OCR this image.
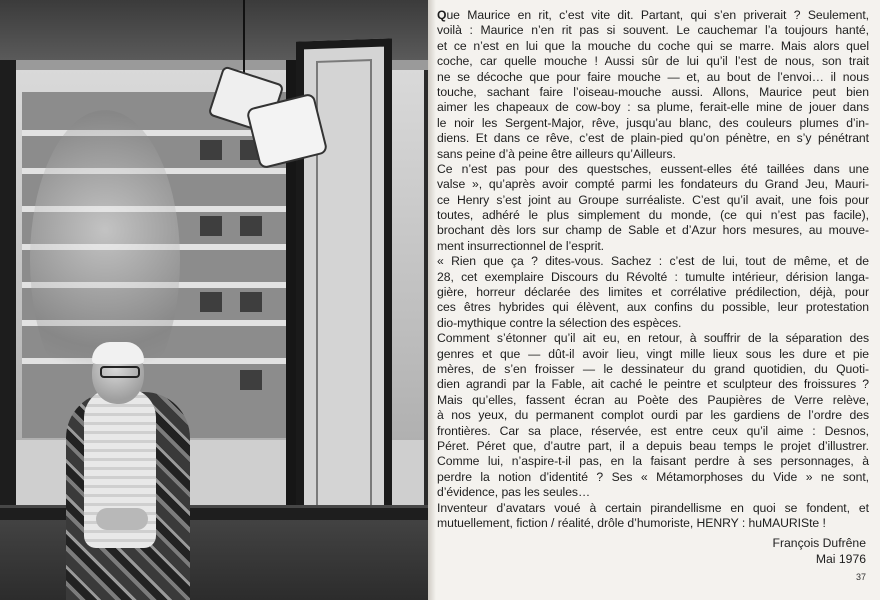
Que Maurice en rit, c’est vite dit. Partant, qui s’en priverait ? Seulement,
voilà : Maurice n’en rit pas si souvent. Le cauchemar l’a toujours hanté,
et ce n’est en lui que la mouche du coche qui se marre. Mais alors quel
coche, car quelle mouche ! Aussi sûr de lui qu’il l’est de nous, son trait
ne se décoche que pour faire mouche — et, au bout de l’envoi… il nous
touche, sachant faire l’oiseau-mouche aussi. Allons, Maurice peut bien
aimer les chapeaux de cow-boy : sa plume, ferait-elle mine de jouer dans
le noir les Sergent-Major, rêve, jusqu’au blanc, des couleurs plumes d’in-
diens. Et dans ce rêve, c’est de plain-pied qu’on pénètre, en s’y pénétrant
sans peine d’à peine être ailleurs qu’Ailleurs.
Ce n’est pas pour des questsches, eussent-elles été taillées dans une
valse », qu’après avoir compté parmi les fondateurs du Grand Jeu, Mauri-
ce Henry s’est joint au Groupe surréaliste. C’est qu’il avait, une fois pour
toutes, adhéré le plus simplement du monde, (ce qui n’est pas facile),
brochant dès lors sur champ de Sable et d’Azur hors mesures, au mouve-
ment insurrectionnel de l’esprit.
« Rien que ça ? dites-vous. Sachez : c’est de lui, tout de même, et de
28, cet exemplaire Discours du Révolté : tumulte intérieur, dérision langa-
gière, horreur déclarée des limites et corrélative prédilection, déjà, pour
ces êtres hybrides qui élèvent, aux confins du possible, leur protestation
dio-mythique contre la sélection des espèces.
Comment s’étonner qu’il ait eu, en retour, à souffrir de la séparation des
genres et que — dût-il avoir lieu, vingt mille lieux sous les dure et pie
mères, de s’en froisser — le dessinateur du grand quotidien, du Quoti-
dien agrandi par la Fable, ait caché le peintre et sculpteur des froissures ?
Mais qu’elles, fassent écran au Poète des Paupières de Verre relève,
à nos yeux, du permanent complot ourdi par les gardiens de l’ordre des
frontières. Car sa place, réservée, est entre ceux qu’il aime : Desnos,
Péret. Péret que, d’autre part, il a depuis beau temps le projet d’illustrer.
Comme lui, n’aspire-t-il pas, en la faisant perdre à ses personnages, à
perdre la notion d’identité ? Ses « Métamorphoses du Vide » ne sont,
d’évidence, pas les seules…
Inventeur d’avatars voué à certain pirandellisme en quoi se fondent, et
mutuellement, fiction / réalité, drôle d’humoriste, HENRY : huMAURISte !
François Dufrêne
Mai 1976
37
